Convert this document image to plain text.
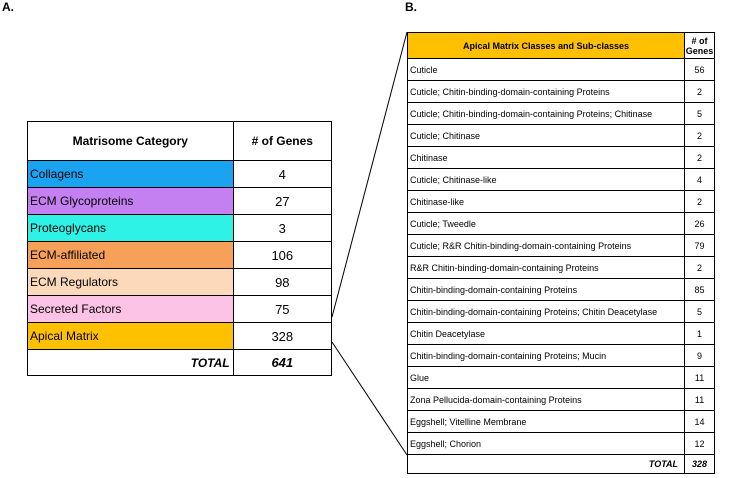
A.	B.
Matrisome Category	# of Genes
Collagens	4
ECM Glycoproteins	27
Proteoglycans	3
ECM-affiliated	106
ECM Regulators	98
Secreted Factors	75
Apical Matrix	328
TOTAL	641
Apical Matrix Classes and Sub-classes	# of Genes
Cuticle	56
Cuticle; Chitin-binding-domain-containing Proteins	2
Cuticle; Chitin-binding-domain-containing Proteins; Chitinase	5
Cuticle; Chitinase	2
Chitinase	2
Cuticle; Chitinase-like	4
Chitinase-like	2
Cuticle; Tweedle	26
Cuticle; R&R Chitin-binding-domain-containing Proteins	79
R&R Chitin-binding-domain-containing Proteins	2
Chitin-binding-domain-containing Proteins	85
Chitin-binding-domain-containing Proteins; Chitin Deacetylase	5
Chitin Deacetylase	1
Chitin-binding-domain-containing Proteins; Mucin	9
Glue	11
Zona Pellucida-domain-containing Proteins	11
Eggshell; Vitelline Membrane	14
Eggshell; Chorion	12
TOTAL	328
